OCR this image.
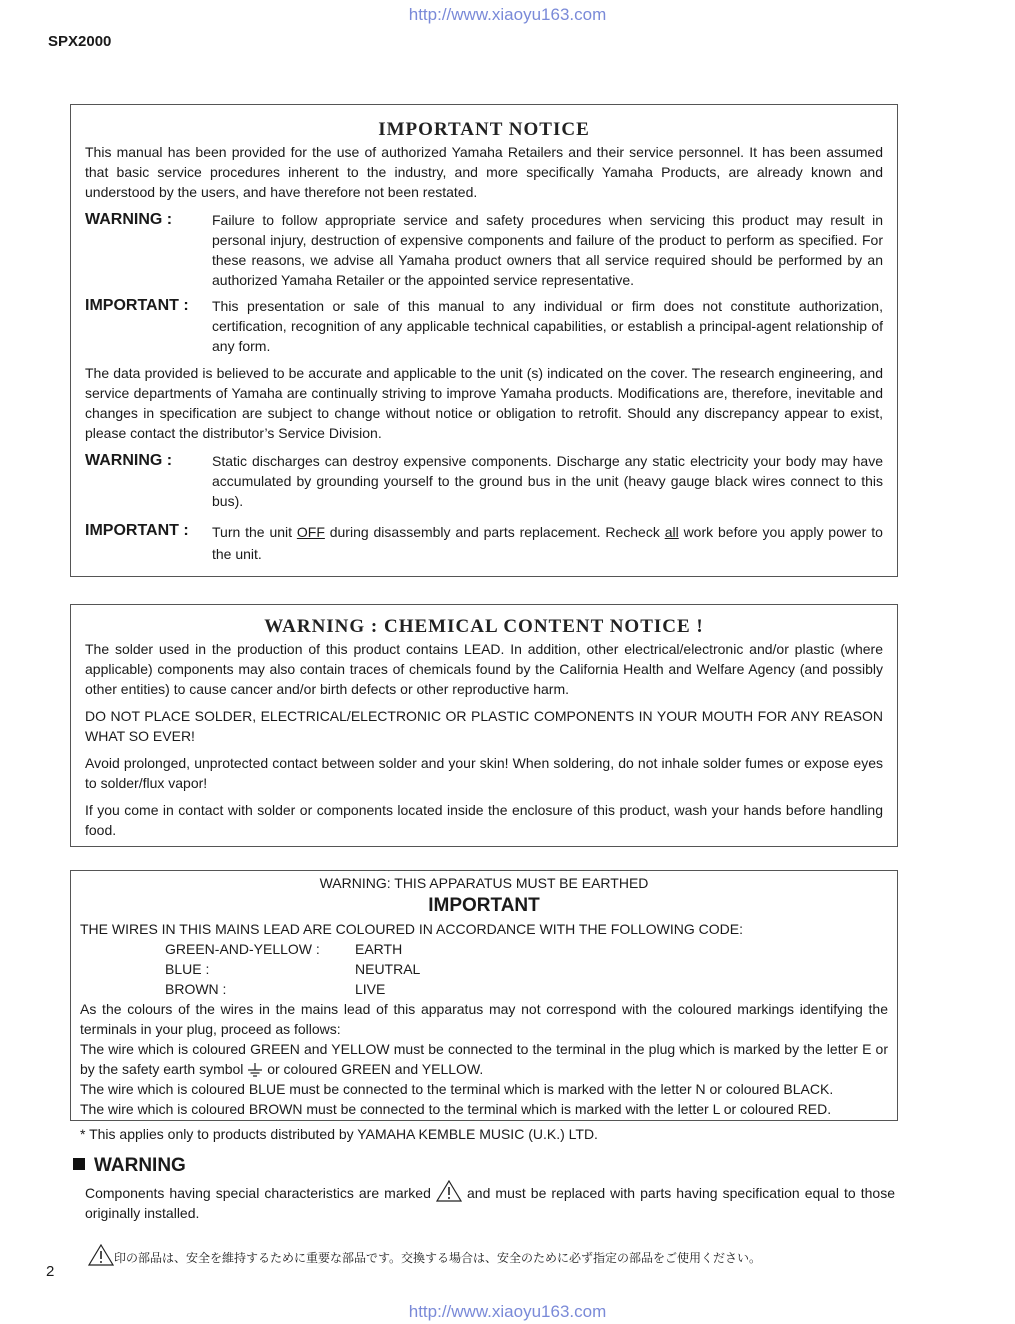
http://www.xiaoyu163.com
SPX2000
IMPORTANT NOTICE

This manual has been provided for the use of authorized Yamaha Retailers and their service personnel. It has been assumed that basic service procedures inherent to the industry, and more specifically Yamaha Products, are already known and understood by the users, and have therefore not been restated.

WARNING :	Failure to follow appropriate service and safety procedures when servicing this product may result in personal injury, destruction of expensive components and failure of the product to perform as specified. For these reasons, we advise all Yamaha product owners that all service required should be performed by an authorized Yamaha Retailer or the appointed service representative.
IMPORTANT :	This presentation or sale of this manual to any individual or firm does not constitute authorization, certification, recognition of any applicable technical capabilities, or establish a principal-agent relationship of any form.

The data provided is believed to be accurate and applicable to the unit (s) indicated on the cover. The research engineering, and service departments of Yamaha are continually striving to improve Yamaha products. Modifications are, therefore, inevitable and changes in specification are subject to change without notice or obligation to retrofit. Should any discrepancy appear to exist, please contact the distributor’s Service Division.

WARNING :	Static discharges can destroy expensive components. Discharge any static electricity your body may have accumulated by grounding yourself to the ground bus in the unit (heavy gauge black wires connect to this bus).
IMPORTANT :	Turn the unit OFF during disassembly and parts replacement. Recheck all work before you apply power to the unit.
WARNING : CHEMICAL CONTENT NOTICE !

The solder used in the production of this product contains LEAD. In addition, other electrical/electronic and/or plastic (where applicable) components may also contain traces of chemicals found by the California Health and Welfare Agency (and possibly other entities) to cause cancer and/or birth defects or other reproductive harm.

DO NOT PLACE SOLDER, ELECTRICAL/ELECTRONIC OR PLASTIC COMPONENTS IN YOUR MOUTH FOR ANY REASON WHAT SO EVER!

Avoid prolonged, unprotected contact between solder and your skin! When soldering, do not inhale solder fumes or expose eyes to solder/flux vapor!

If you come in contact with solder or components located inside the enclosure of this product, wash your hands before handling food.

WARNING: THIS APPARATUS MUST BE EARTHED
IMPORTANT
THE WIRES IN THIS MAINS LEAD ARE COLOURED IN ACCORDANCE WITH THE FOLLOWING CODE:
GREEN-AND-YELLOW :	EARTH
BLUE :	NEUTRAL
BROWN :	LIVE

As the colours of the wires in the mains lead of this apparatus may not correspond with the coloured markings identifying the terminals in your plug, proceed as follows:

The wire which is coloured GREEN and YELLOW must be connected to the terminal in the plug which is marked by the letter E or by the safety earth symbol  or coloured GREEN and YELLOW.

The wire which is coloured BLUE must be connected to the terminal which is marked with the letter N or coloured BLACK.

The wire which is coloured BROWN must be connected to the terminal which is marked with the letter L or coloured RED.

* This applies only to products distributed by YAMAHA KEMBLE MUSIC (U.K.) LTD.
WARNING

Components having special characteristics are marked  and must be replaced with parts having specification equal to those originally installed.

印の部品は、安全を維持するために重要な部品です。交換する場合は、安全のために必ず指定の部品をご使用ください。
2
http://www.xiaoyu163.com
